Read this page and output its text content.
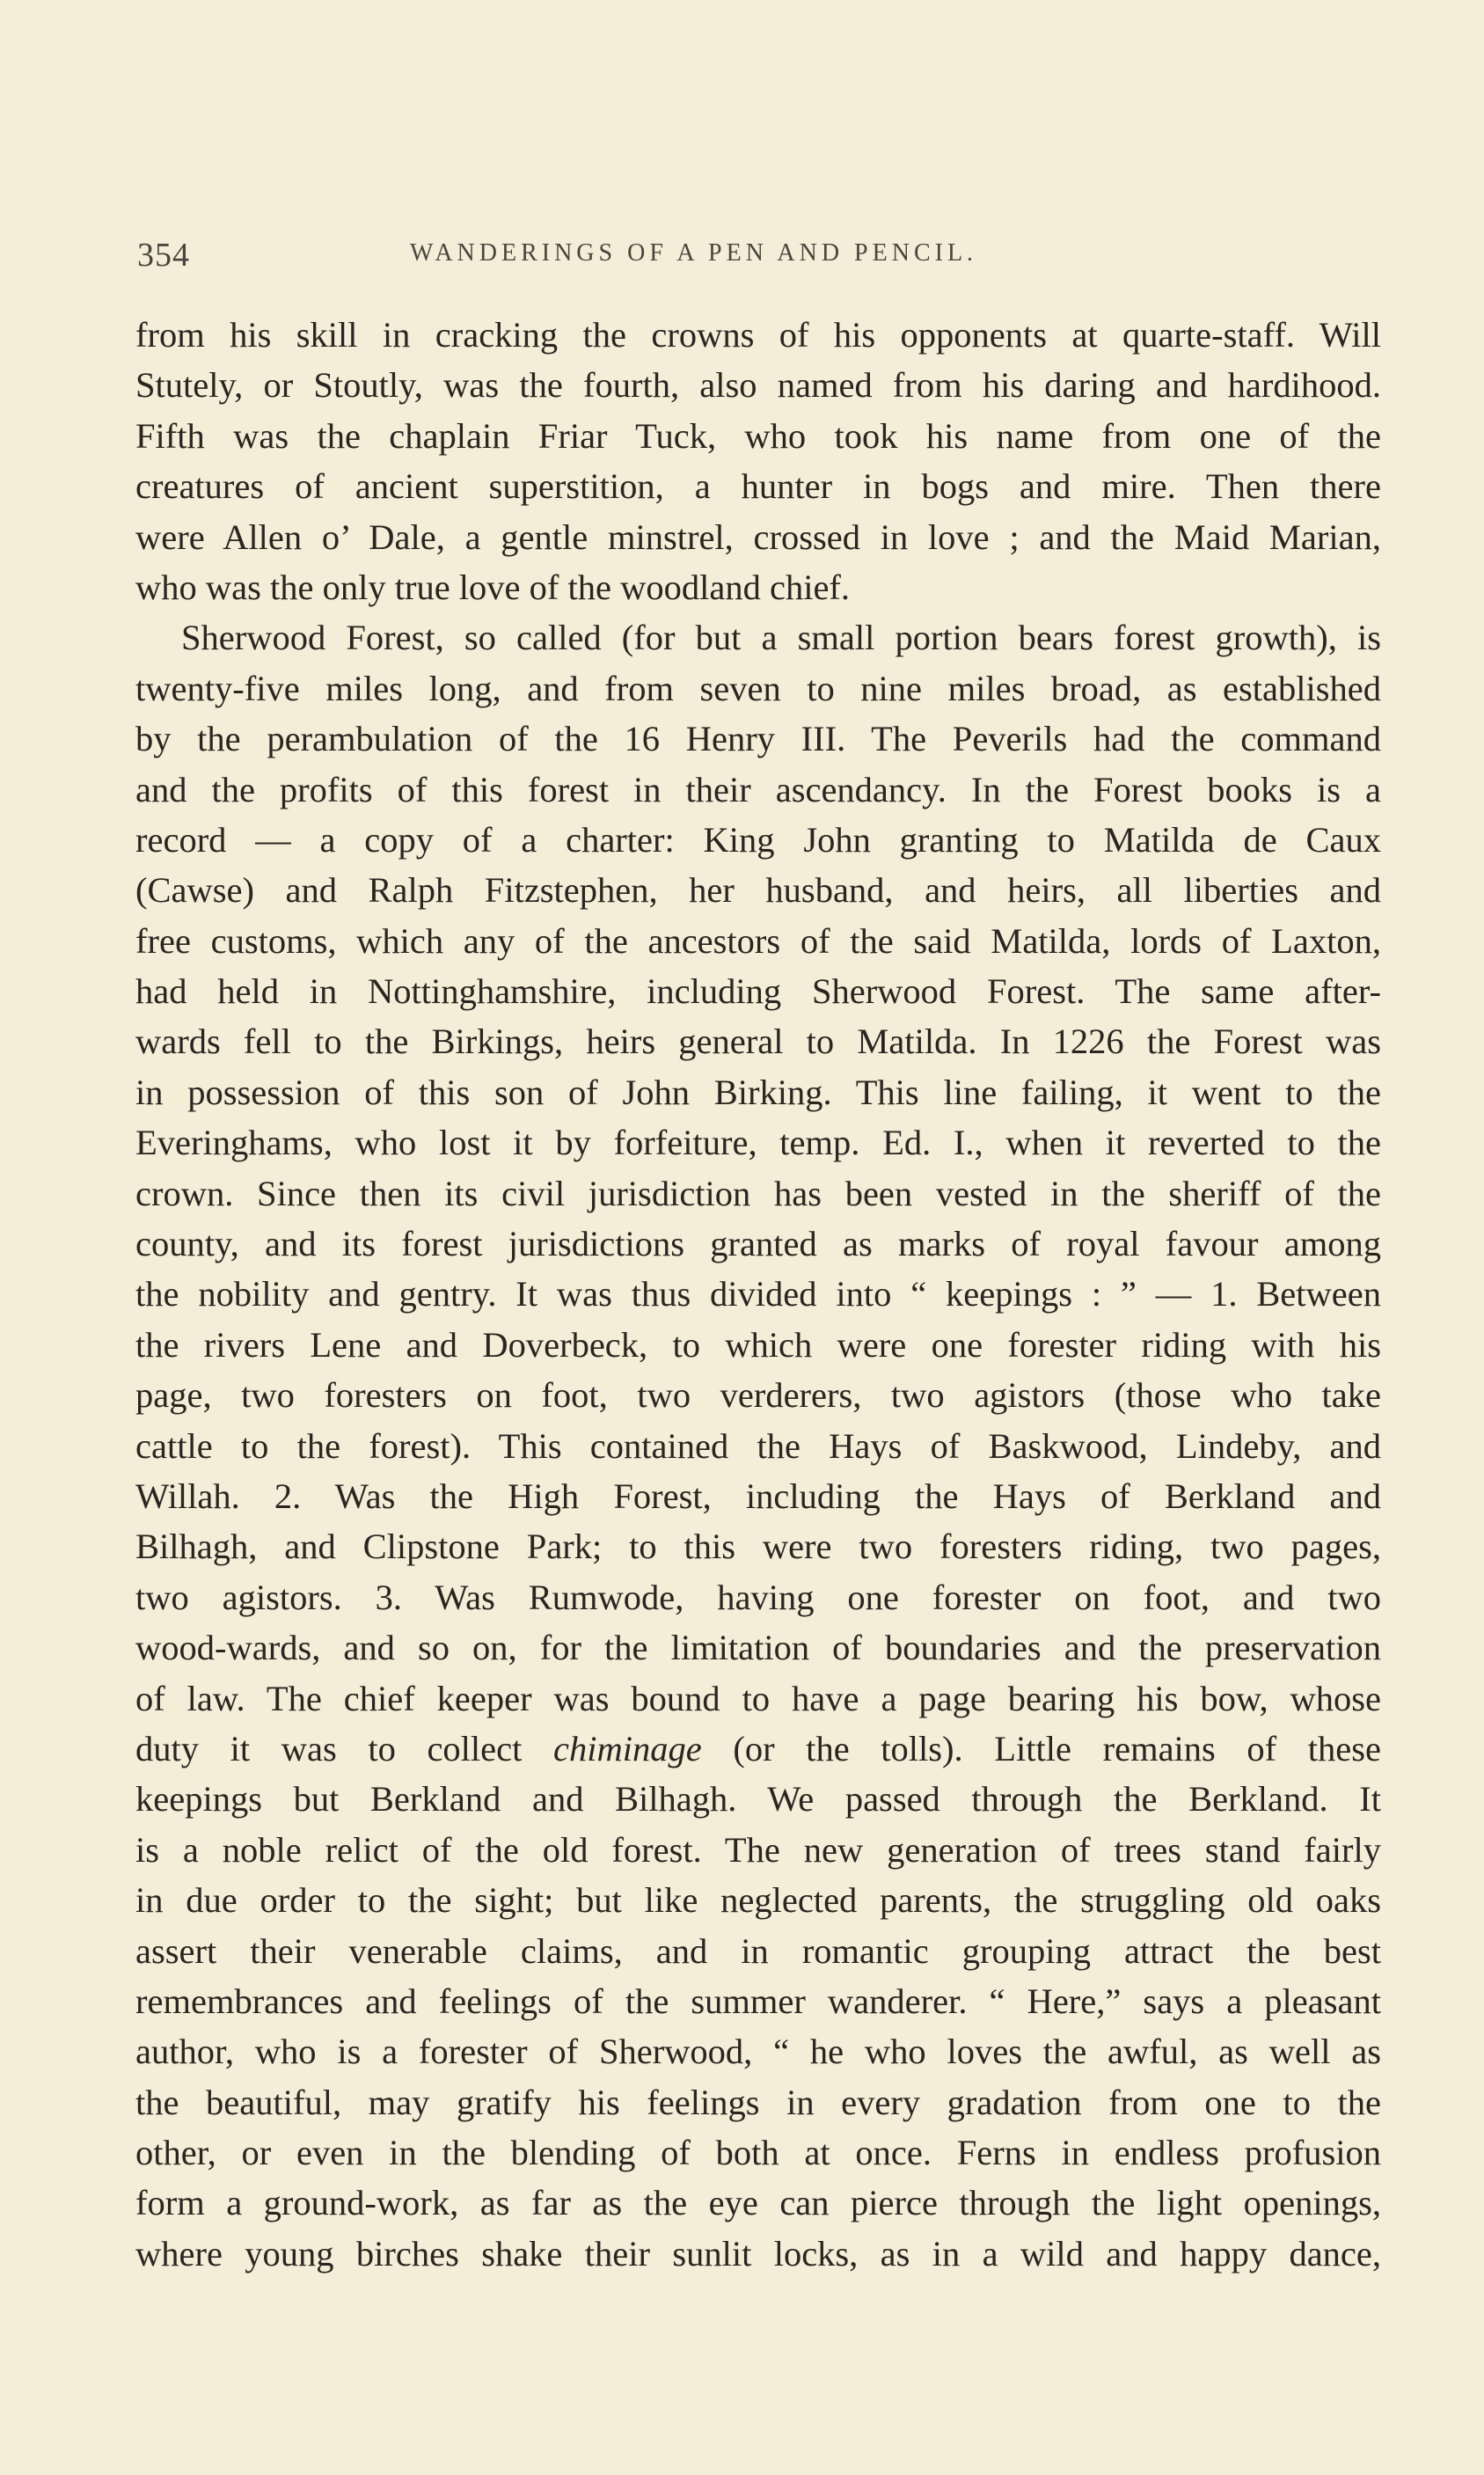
354	WANDERINGS OF A PEN AND PENCIL.
from his skill in cracking the crowns of his opponents at quarte-staff. Will
Stutely, or Stoutly, was the fourth, also named from his daring and hardihood.
Fifth was the chaplain Friar Tuck, who took his name from one of the
creatures of ancient superstition, a hunter in bogs and mire. Then there
were Allen o’ Dale, a gentle minstrel, crossed in love ; and the Maid Marian,
who was the only true love of the woodland chief.
Sherwood Forest, so called (for but a small portion bears forest growth), is
twenty-five miles long, and from seven to nine miles broad, as established
by the perambulation of the 16 Henry III. The Peverils had the command
and the profits of this forest in their ascendancy. In the Forest books is a
record — a copy of a charter: King John granting to Matilda de Caux
(Cawse) and Ralph Fitzstephen, her husband, and heirs, all liberties and
free customs, which any of the ancestors of the said Matilda, lords of Laxton,
had held in Nottinghamshire, including Sherwood Forest. The same after-
wards fell to the Birkings, heirs general to Matilda. In 1226 the Forest was
in possession of this son of John Birking. This line failing, it went to the
Everinghams, who lost it by forfeiture, temp. Ed. I., when it reverted to the
crown. Since then its civil jurisdiction has been vested in the sheriff of the
county, and its forest jurisdictions granted as marks of royal favour among
the nobility and gentry. It was thus divided into “ keepings : ” — 1. Between
the rivers Lene and Doverbeck, to which were one forester riding with his
page, two foresters on foot, two verderers, two agistors (those who take
cattle to the forest). This contained the Hays of Baskwood, Lindeby, and
Willah. 2. Was the High Forest, including the Hays of Berkland and
Bilhagh, and Clipstone Park; to this were two foresters riding, two pages,
two agistors. 3. Was Rumwode, having one forester on foot, and two
wood-wards, and so on, for the limitation of boundaries and the preservation
of law. The chief keeper was bound to have a page bearing his bow, whose
duty it was to collect chiminage (or the tolls). Little remains of these
keepings but Berkland and Bilhagh. We passed through the Berkland. It
is a noble relict of the old forest. The new generation of trees stand fairly
in due order to the sight; but like neglected parents, the struggling old oaks
assert their venerable claims, and in romantic grouping attract the best
remembrances and feelings of the summer wanderer. “ Here,” says a pleasant
author, who is a forester of Sherwood, “ he who loves the awful, as well as
the beautiful, may gratify his feelings in every gradation from one to the
other, or even in the blending of both at once. Ferns in endless profusion
form a ground-work, as far as the eye can pierce through the light openings,
where young birches shake their sunlit locks, as in a wild and happy dance,
